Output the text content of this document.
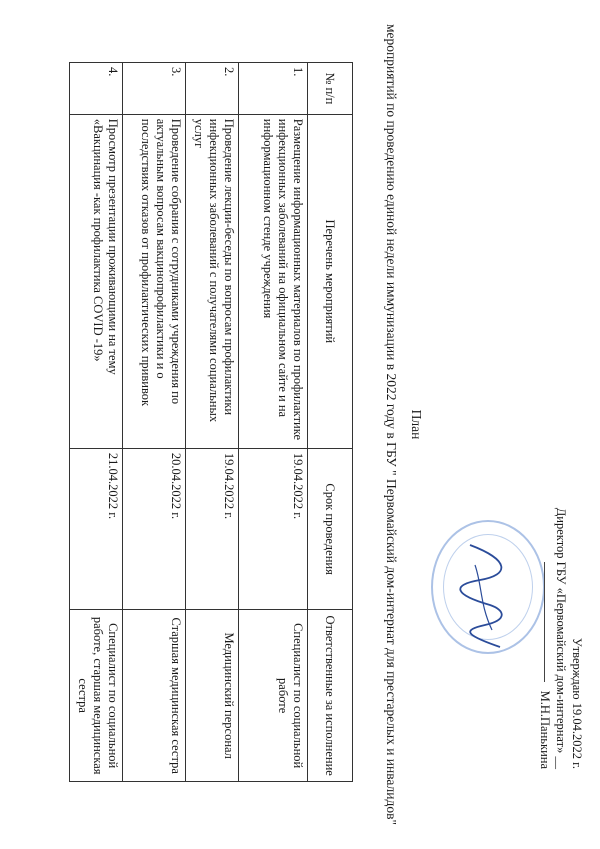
Утверждаю 19.04.2022 г.
Директор ГБУ «Первомайский дом-интернат» __
М.Н.Панькина
План
мероприятий по проведению единой недели иммунизации в 2022 году в ГБУ " Первомайский дом-интернат для престарелых и инвалидов"
№ п/п	Перечень мероприятий	Срок проведения	Ответственные за исполнение
1.	Размещение информационных материалов по профилактике инфекционных заболеваний на официальном сайте и на информационном стенде учреждения	19.04.2022 г.	Специалист по социальной работе
2.	Проведение лекции-беседы по вопросам профилактики инфекционных заболеваний с получателями социальных услуг	19.04.2022 г.	Медицинский персонал
3.	Проведение собрания с сотрудниками учреждения по актуальным вопросам вакцинопрофилактики и о последствиях отказов от профилактических прививок	20.04.2022 г.	Старшая медицинская сестра
4.	Просмотр презентации проживающими на тему «Вакцинация -как профилактика COVID -19»	21.04.2022 г.	Специалист по социальной работе, старшая медицинская сестра
